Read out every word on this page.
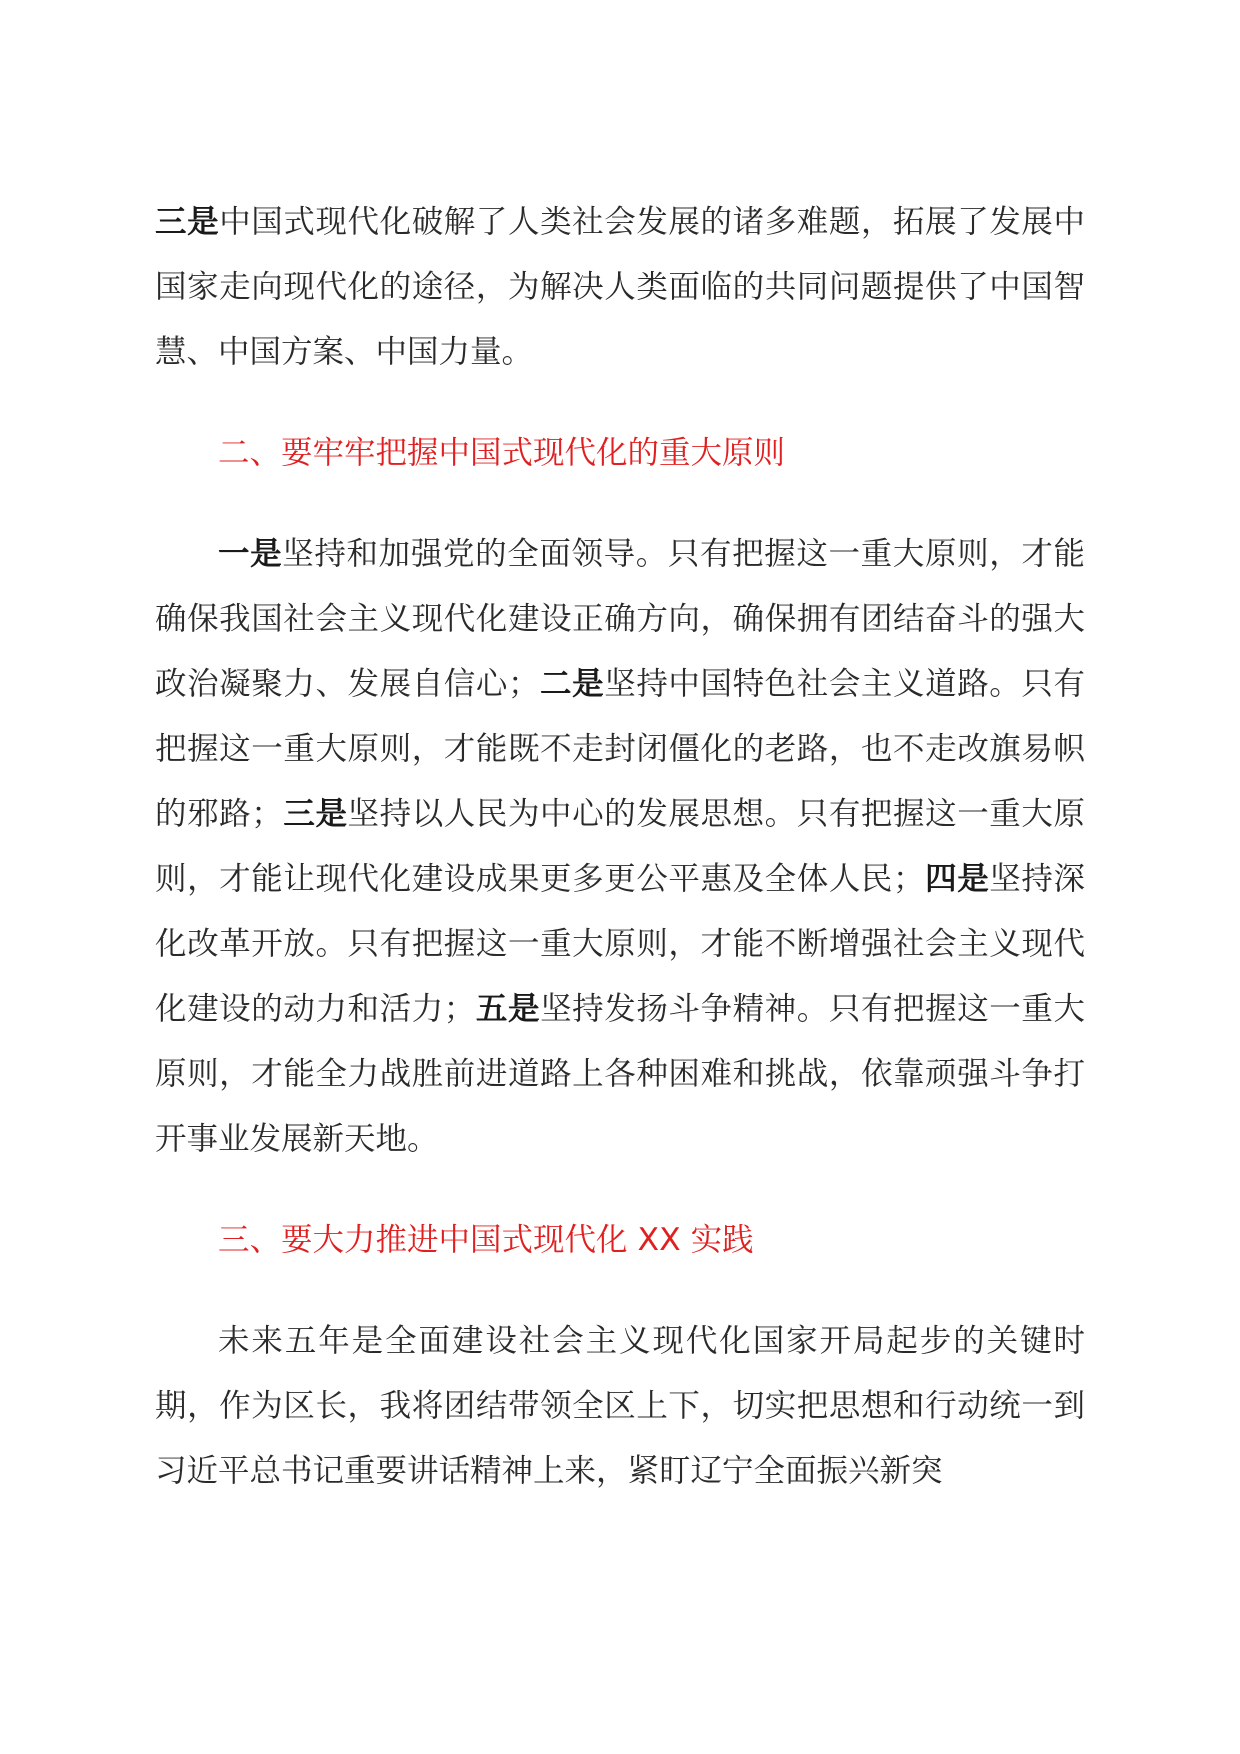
三是中国式现代化破解了人类社会发展的诸多难题，拓展了发展中国家走向现代化的途径，为解决人类面临的共同问题提供了中国智慧、中国方案、中国力量。

二、要牢牢把握中国式现代化的重大原则

一是坚持和加强党的全面领导。只有把握这一重大原则，才能确保我国社会主义现代化建设正确方向，确保拥有团结奋斗的强大政治凝聚力、发展自信心；二是坚持中国特色社会主义道路。只有把握这一重大原则，才能既不走封闭僵化的老路，也不走改旗易帜的邪路；三是坚持以人民为中心的发展思想。只有把握这一重大原则，才能让现代化建设成果更多更公平惠及全体人民；四是坚持深化改革开放。只有把握这一重大原则，才能不断增强社会主义现代化建设的动力和活力；五是坚持发扬斗争精神。只有把握这一重大原则，才能全力战胜前进道路上各种困难和挑战，依靠顽强斗争打开事业发展新天地。

三、要大力推进中国式现代化 XX 实践

未来五年是全面建设社会主义现代化国家开局起步的关键时期，作为区长，我将团结带领全区上下，切实把思想和行动统一到习近平总书记重要讲话精神上来，紧盯辽宁全面振兴新突
